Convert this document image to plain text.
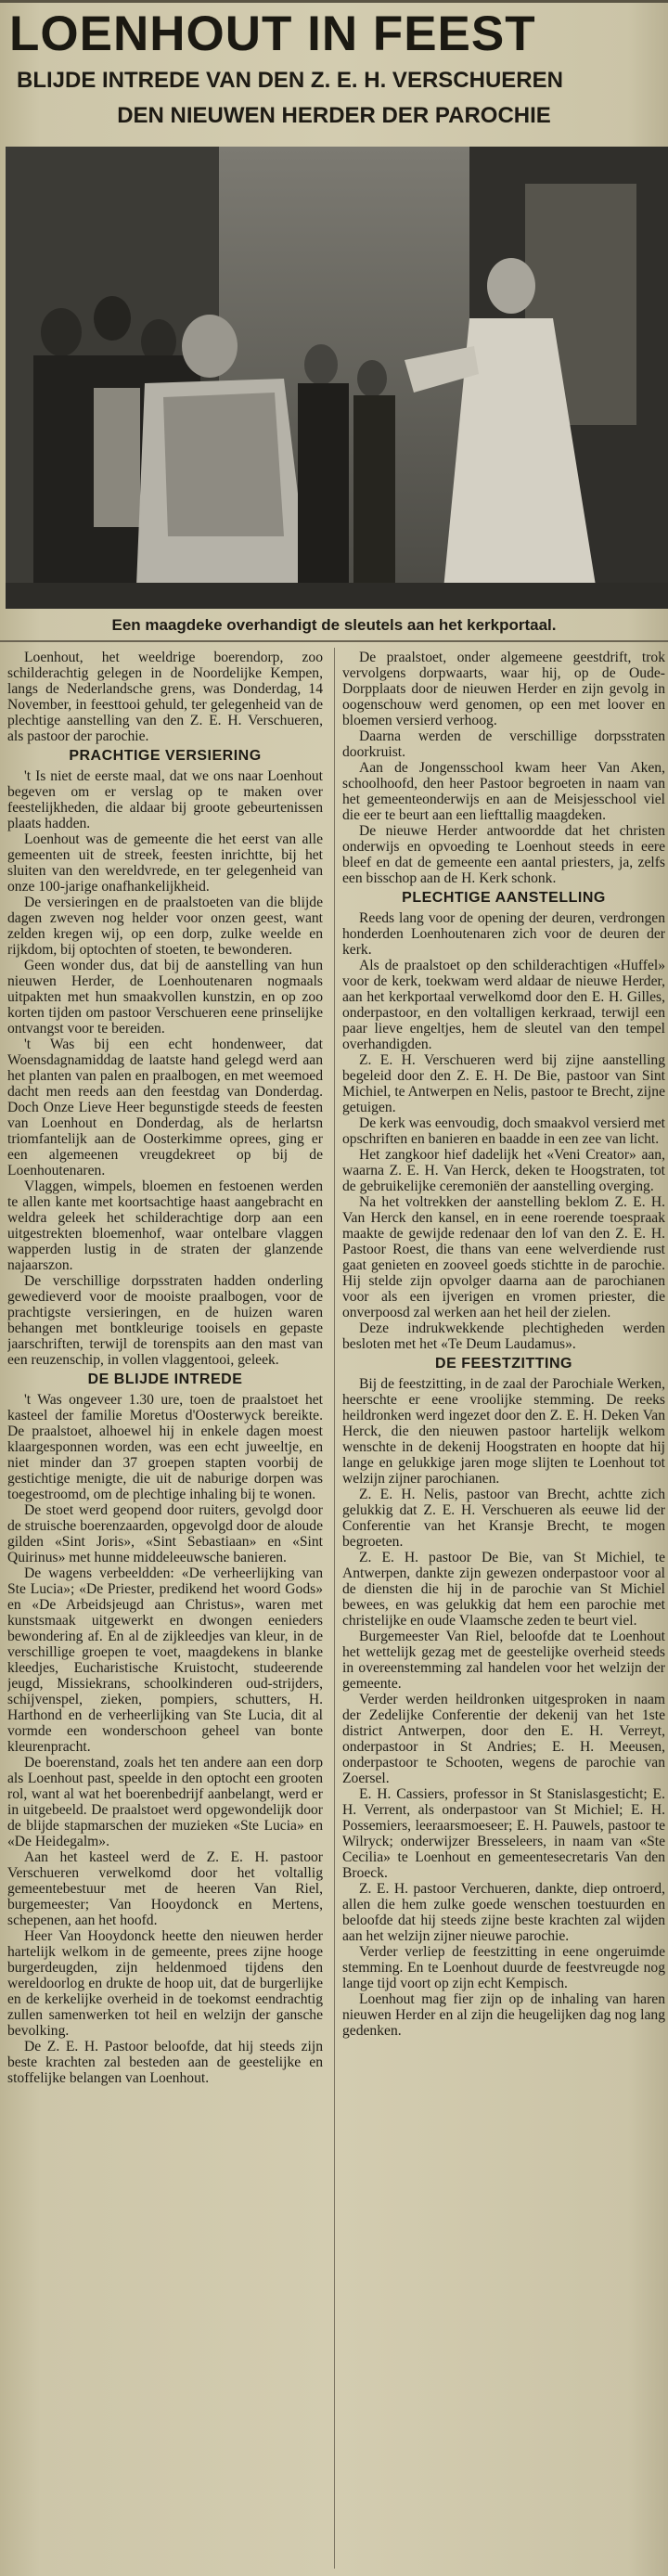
LOENHOUT IN FEEST
BLIJDE INTREDE VAN DEN Z. E. H. VERSCHUEREN
DEN NIEUWEN HERDER DER PAROCHIE
Een maagdeke overhandigt de sleutels aan het kerkportaal.

Loenhout, het weeldrige boerendorp, zoo schilderachtig gelegen in de Noordelijke Kempen, langs de Nederlandsche grens, was Donderdag, 14 November, in feesttooi gehuld, ter gelegenheid van de plechtige aanstelling van den Z. E. H. Verschueren, als pastoor der parochie.

PRACHTIGE VERSIERING

't Is niet de eerste maal, dat we ons naar Loenhout begeven om er verslag op te maken over feestelijkheden, die aldaar bij groote gebeurtenissen plaats hadden.

Loenhout was de gemeente die het eerst van alle gemeenten uit de streek, feesten inrichtte, bij het sluiten van den wereldvrede, en ter gelegenheid van onze 100-jarige onafhankelijkheid.

De versieringen en de praalstoeten van die blijde dagen zweven nog helder voor onzen geest, want zelden kregen wij, op een dorp, zulke weelde en rijkdom, bij optochten of stoeten, te bewonderen.

Geen wonder dus, dat bij de aanstelling van hun nieuwen Herder, de Loenhoutenaren nogmaals uitpakten met hun smaakvollen kunstzin, en op zoo korten tijden om pastoor Verschueren eene prinselijke ontvangst voor te bereiden.

't Was bij een echt hondenweer, dat Woensdagnamiddag de laatste hand gelegd werd aan het planten van palen en praalbogen, en met weemoed dacht men reeds aan den feestdag van Donderdag. Doch Onze Lieve Heer begunstigde steeds de feesten van Loenhout en Donderdag, als de herlartsn triomfantelijk aan de Oosterkimme oprees, ging er een algemeenen vreugdekreet op bij de Loenhoutenaren.

Vlaggen, wimpels, bloemen en festoenen werden te allen kante met koortsachtige haast aangebracht en weldra geleek het schilderachtige dorp aan een uitgestrekten bloemenhof, waar ontelbare vlaggen wapperden lustig in de straten der glanzende najaarszon.

De verschillige dorpsstraten hadden onderling gewedieverd voor de mooiste praalbogen, voor de prachtigste versieringen, en de huizen waren behangen met bontkleurige tooisels en gepaste jaarschriften, terwijl de torenspits aan den mast van een reuzenschip, in vollen vlaggentooi, geleek.

DE BLIJDE INTREDE

't Was ongeveer 1.30 ure, toen de praalstoet het kasteel der familie Moretus d'Oosterwyck bereikte. De praalstoet, alhoewel hij in enkele dagen moest klaargesponnen worden, was een echt juweeltje, en niet minder dan 37 groepen stapten voorbij de gestichtige menigte, die uit de naburige dorpen was toegestroomd, om de plechtige inhaling bij te wonen.

De stoet werd geopend door ruiters, gevolgd door de struische boerenzaarden, opgevolgd door de aloude gilden «Sint Joris», «Sint Sebastiaan» en «Sint Quirinus» met hunne middeleeuwsche banieren.

De wagens verbeeldden: «De verheerlijking van Ste Lucia»; «De Priester, predikend het woord Gods» en «De Arbeidsjeugd aan Christus», waren met kunstsmaak uitgewerkt en dwongen eenieders bewondering af. En al de zijkleedjes van kleur, in de verschillige groepen te voet, maagdekens in blanke kleedjes, Eucharistische Kruistocht, studeerende jeugd, Missiekrans, schoolkinderen oud-strijders, schijvenspel, zieken, pompiers, schutters, H. Harthond en de verheerlijking van Ste Lucia, dit al vormde een wonderschoon geheel van bonte kleurenpracht.

De boerenstand, zoals het ten andere aan een dorp als Loenhout past, speelde in den optocht een grooten rol, want al wat het boerenbedrijf aanbelangt, werd er in uitgebeeld. De praalstoet werd opgewondelijk door de blijde stapmarschen der muzieken «Ste Lucia» en «De Heidegalm».

Aan het kasteel werd de Z. E. H. pastoor Verschueren verwelkomd door het voltallig gemeentebestuur met de heeren Van Riel, burgemeester; Van Hooydonck en Mertens, schepenen, aan het hoofd.

Heer Van Hooydonck heette den nieuwen herder hartelijk welkom in de gemeente, prees zijne hooge burgerdeugden, zijn heldenmoed tijdens den wereldoorlog en drukte de hoop uit, dat de burgerlijke en de kerkelijke overheid in de toekomst eendrachtig zullen samenwerken tot heil en welzijn der gansche bevolking.

De Z. E. H. Pastoor beloofde, dat hij steeds zijn beste krachten zal besteden aan de geestelijke en stoffelijke belangen van Loenhout.

De praalstoet, onder algemeene geestdrift, trok vervolgens dorpwaarts, waar hij, op de Oude-Dorpplaats door de nieuwen Herder en zijn gevolg in oogenschouw werd genomen, op een met loover en bloemen versierd verhoog.

Daarna werden de verschillige dorpsstraten doorkruist.

Aan de Jongensschool kwam heer Van Aken, schoolhoofd, den heer Pastoor begroeten in naam van het gemeenteonderwijs en aan de Meisjesschool viel die eer te beurt aan een liefttallig maagdeken.

De nieuwe Herder antwoordde dat het christen onderwijs en opvoeding te Loenhout steeds in eere bleef en dat de gemeente een aantal priesters, ja, zelfs een bisschop aan de H. Kerk schonk.

PLECHTIGE AANSTELLING

Reeds lang voor de opening der deuren, verdrongen honderden Loenhoutenaren zich voor de deuren der kerk.

Als de praalstoet op den schilderachtigen «Huffel» voor de kerk, toekwam werd aldaar de nieuwe Herder, aan het kerkportaal verwelkomd door den E. H. Gilles, onderpastoor, en den voltalligen kerkraad, terwijl een paar lieve engeltjes, hem de sleutel van den tempel overhandigden.

Z. E. H. Verschueren werd bij zijne aanstelling begeleid door den Z. E. H. De Bie, pastoor van Sint Michiel, te Antwerpen en Nelis, pastoor te Brecht, zijne getuigen.

De kerk was eenvoudig, doch smaakvol versierd met opschriften en banieren en baadde in een zee van licht.

Het zangkoor hief dadelijk het «Veni Creator» aan, waarna Z. E. H. Van Herck, deken te Hoogstraten, tot de gebruikelijke ceremoniën der aanstelling overging.

Na het voltrekken der aanstelling beklom Z. E. H. Van Herck den kansel, en in eene roerende toespraak maakte de gewijde redenaar den lof van den Z. E. H. Pastoor Roest, die thans van eene welverdiende rust gaat genieten en zooveel goeds stichtte in de parochie. Hij stelde zijn opvolger daarna aan de parochianen voor als een ijverigen en vromen priester, die onverpoosd zal werken aan het heil der zielen.

Deze indrukwekkende plechtigheden werden besloten met het «Te Deum Laudamus».

DE FEESTZITTING

Bij de feestzitting, in de zaal der Parochiale Werken, heerschte er eene vroolijke stemming. De reeks heildronken werd ingezet door den Z. E. H. Deken Van Herck, die den nieuwen pastoor hartelijk welkom wenschte in de dekenij Hoogstraten en hoopte dat hij lange en gelukkige jaren moge slijten te Loenhout tot welzijn zijner parochianen.

Z. E. H. Nelis, pastoor van Brecht, achtte zich gelukkig dat Z. E. H. Verschueren als eeuwe lid der Conferentie van het Kransje Brecht, te mogen begroeten.

Z. E. H. pastoor De Bie, van St Michiel, te Antwerpen, dankte zijn gewezen onderpastoor voor al de diensten die hij in de parochie van St Michiel bewees, en was gelukkig dat hem een parochie met christelijke en oude Vlaamsche zeden te beurt viel.

Burgemeester Van Riel, beloofde dat te Loenhout het wettelijk gezag met de geestelijke overheid steeds in overeenstemming zal handelen voor het welzijn der gemeente.

Verder werden heildronken uitgesproken in naam der Zedelijke Conferentie der dekenij van het 1ste district Antwerpen, door den E. H. Verreyt, onderpastoor in St Andries; E. H. Meeusen, onderpastoor te Schooten, wegens de parochie van Zoersel.

E. H. Cassiers, professor in St Stanislasgesticht; E. H. Verrent, als onderpastoor van St Michiel; E. H. Possemiers, leeraarsmoeseer; E. H. Pauwels, pastoor te Wilryck; onderwijzer Bresseleers, in naam van «Ste Cecilia» te Loenhout en gemeentesecretaris Van den Broeck.

Z. E. H. pastoor Verchueren, dankte, diep ontroerd, allen die hem zulke goede wenschen toestuurden en beloofde dat hij steeds zijne beste krachten zal wijden aan het welzijn zijner nieuwe parochie.

Verder verliep de feestzitting in eene ongeruimde stemming. En te Loenhout duurde de feestvreugde nog lange tijd voort op zijn echt Kempisch.

Loenhout mag fier zijn op de inhaling van haren nieuwen Herder en al zijn die heugelijken dag nog lang gedenken.
